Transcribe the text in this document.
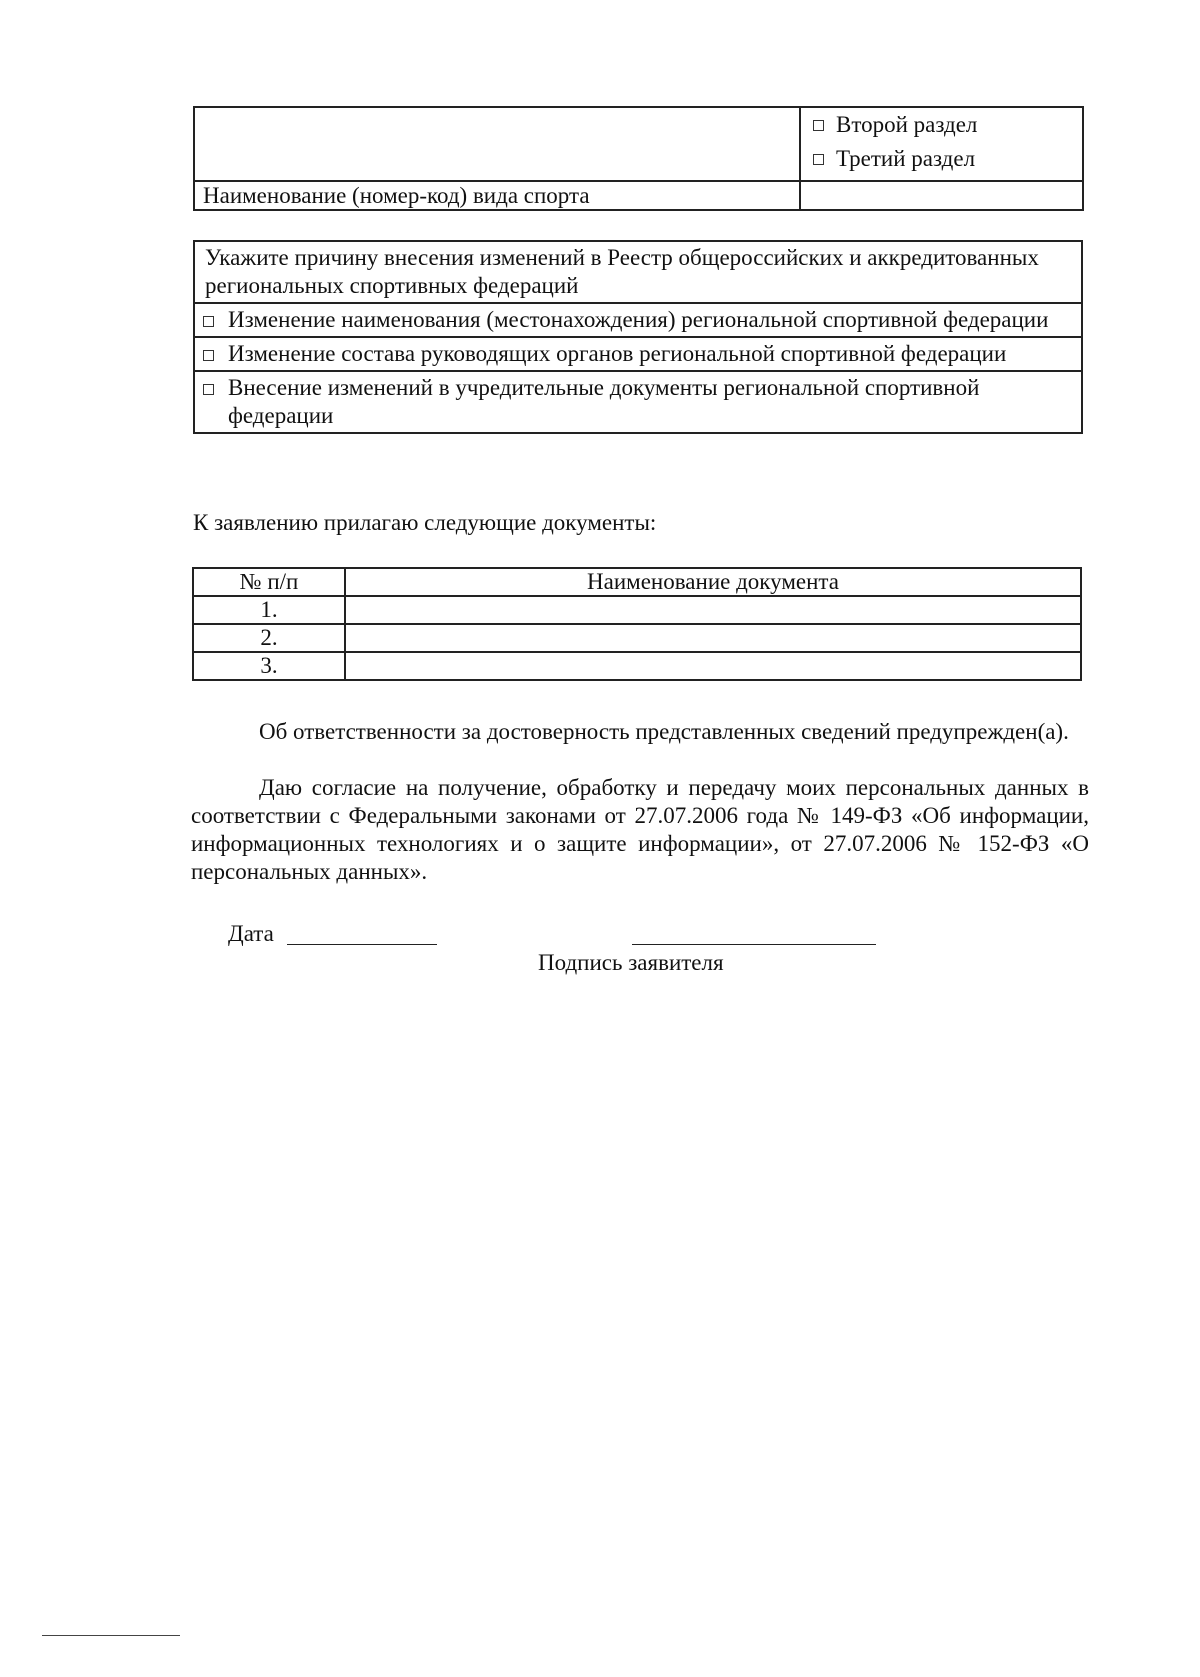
	Второй раздел
Третий раздел

Наименование (номер-код) вида спорта	
Укажите причину внесения изменений в Реестр общероссийских и аккредитованных региональных спортивных федераций	
	Изменение наименования (местонахождения) региональной спортивной федерации
	Изменение состава руководящих органов региональной спортивной федерации
	Внесение изменений в учредительные документы региональной спортивной федерации
К заявлению прилагаю следующие документы:
№ п/п	Наименование документа
1.	
2.	
3.	
Об ответственности за достоверность представленных сведений предупрежден(а).
Даю согласие на получение, обработку и передачу моих персональных данных в соответствии с Федеральными законами от 27.07.2006 года № 149-ФЗ «Об информации, информационных технологиях и о защите информации», от 27.07.2006 № 152-ФЗ «О персональных данных».
Дата
Подпись заявителя
